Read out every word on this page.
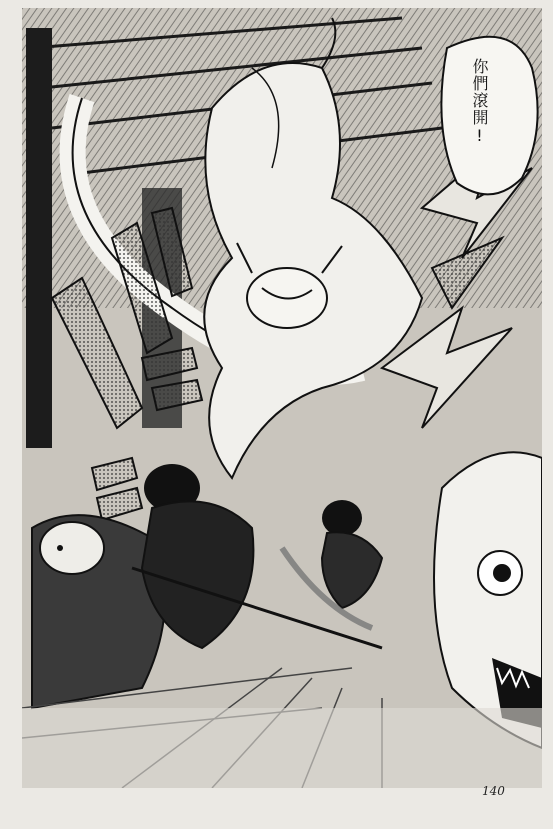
你們滾開!
140
